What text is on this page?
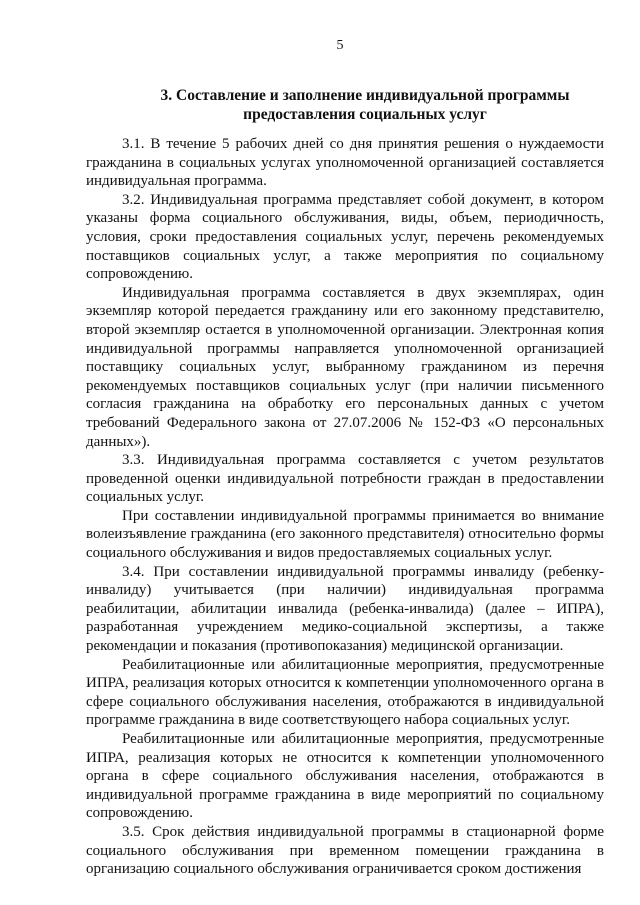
5
3. Составление и заполнение индивидуальной программы
предоставления социальных услуг

3.1. В течение 5 рабочих дней со дня принятия решения о нуждаемости гражданина в социальных услугах уполномоченной организацией составляется индивидуальная программа.

3.2. Индивидуальная программа представляет собой документ, в котором указаны форма социального обслуживания, виды, объем, периодичность, условия, сроки предоставления социальных услуг, перечень рекомендуемых поставщиков социальных услуг, а также мероприятия по социальному сопровождению.

Индивидуальная программа составляется в двух экземплярах, один экземпляр которой передается гражданину или его законному представителю, второй экземпляр остается в уполномоченной организации. Электронная копия индивидуальной программы направляется уполномоченной организацией поставщику социальных услуг, выбранному гражданином из перечня рекомендуемых поставщиков социальных услуг (при наличии письменного согласия гражданина на обработку его персональных данных с учетом требований Федерального закона от 27.07.2006 № 152-ФЗ «О персональных данных»).

3.3. Индивидуальная программа составляется с учетом результатов проведенной оценки индивидуальной потребности граждан в предоставлении социальных услуг.

При составлении индивидуальной программы принимается во внимание волеизъявление гражданина (его законного представителя) относительно формы социального обслуживания и видов предоставляемых социальных услуг.

3.4. При составлении индивидуальной программы инвалиду (ребенку-инвалиду) учитывается (при наличии) индивидуальная программа реабилитации, абилитации инвалида (ребенка-инвалида) (далее – ИПРА), разработанная учреждением медико-социальной экспертизы, а также рекомендации и показания (противопоказания) медицинской организации.

Реабилитационные или абилитационные мероприятия, предусмотренные ИПРА, реализация которых относится к компетенции уполномоченного органа в сфере социального обслуживания населения, отображаются в индивидуальной программе гражданина в виде соответствующего набора социальных услуг.

Реабилитационные или абилитационные мероприятия, предусмотренные ИПРА, реализация которых не относится к компетенции уполномоченного органа в сфере социального обслуживания населения, отображаются в индивидуальной программе гражданина в виде мероприятий по социальному сопровождению.

3.5. Срок действия индивидуальной программы в стационарной форме социального обслуживания при временном помещении гражданина в организацию социального обслуживания ограничивается сроком достижения
